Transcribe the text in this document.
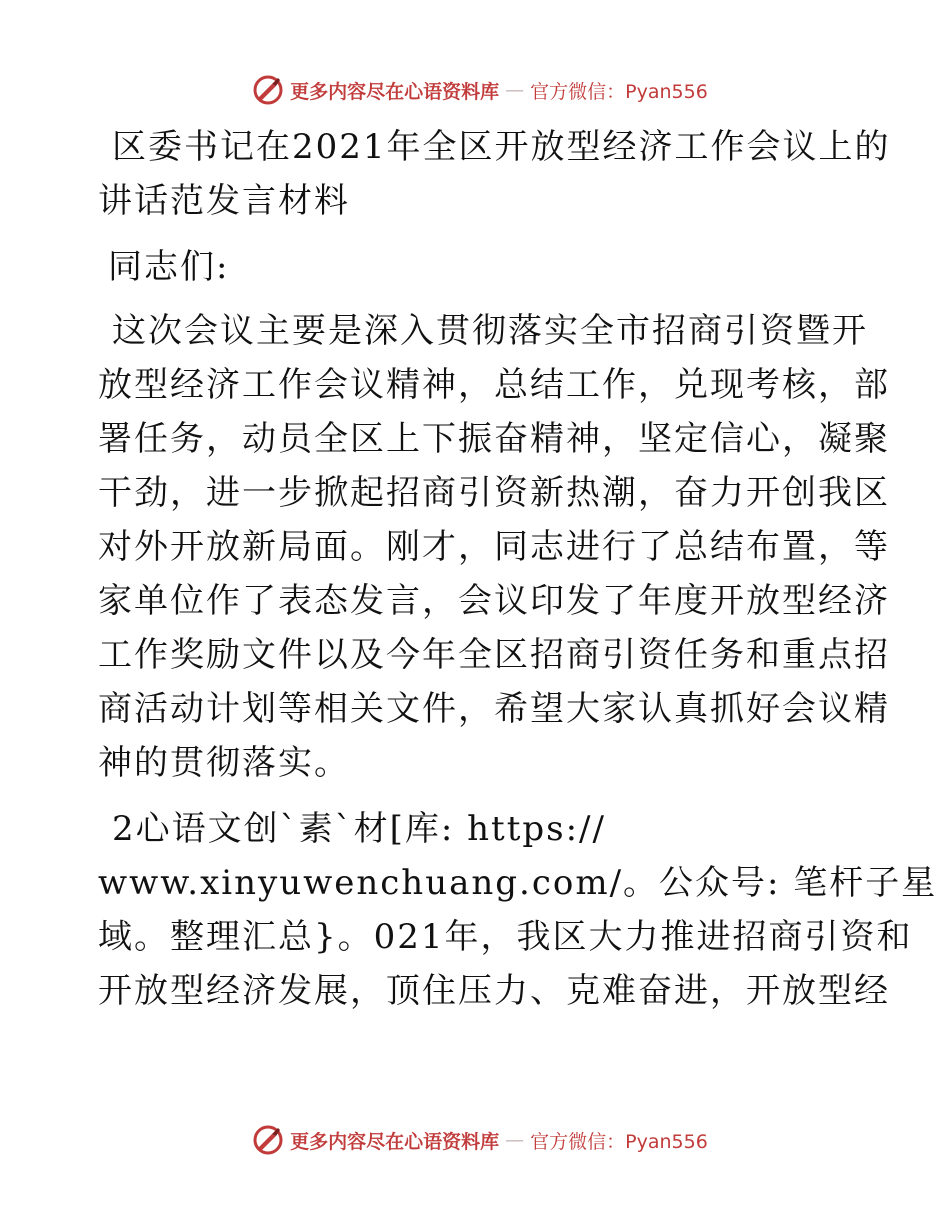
更多内容尽在心语资料库 — 官方微信：Pyan556
区委书记在2021年全区开放型经济工作会议上的
讲话范发言材料
同志们:
这次会议主要是深入贯彻落实全市招商引资暨开
放型经济工作会议精神，总结工作，兑现考核，部
署任务，动员全区上下振奋精神，坚定信心，凝聚
干劲，进一步掀起招商引资新热潮，奋力开创我区
对外开放新局面。刚才，同志进行了总结布置，等
家单位作了表态发言，会议印发了年度开放型经济
工作奖励文件以及今年全区招商引资任务和重点招
商活动计划等相关文件，希望大家认真抓好会议精
神的贯彻落实。
2心语文创`素`材[库: https://
www.xinyuwenchuang.com/。公众号: 笔杆子星
域。整理汇总}。021年，我区大力推进招商引资和
开放型经济发展，顶住压力、克难奋进，开放型经
更多内容尽在心语资料库 — 官方微信：Pyan556
